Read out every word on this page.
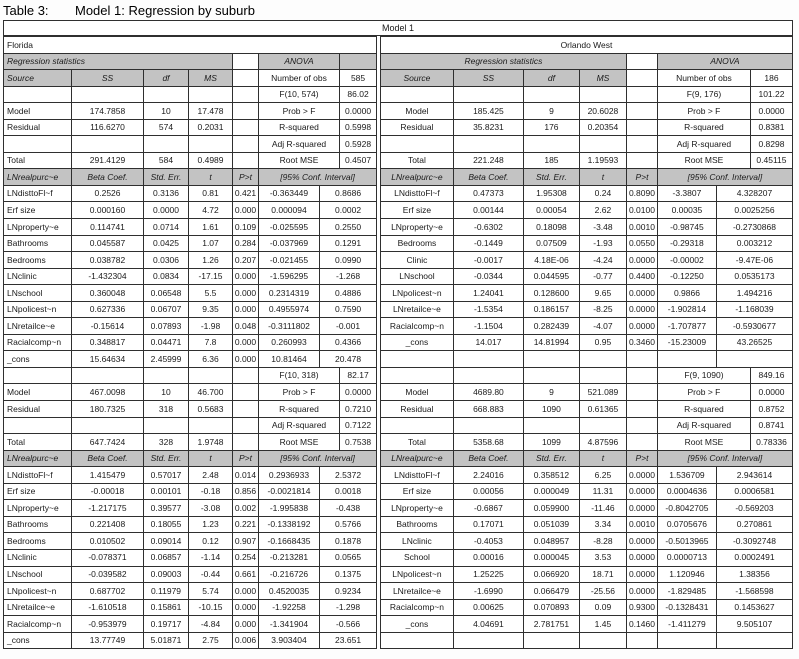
Table 3:	Model 1: Regression by suburb
Model 1
Florida							
Regression statistics					ANOVA		
Source	SS	df	MS		Number of obs		585
					F(10, 574)		86.02
Model	174.7858	10	17.478		Prob > F		0.0000
Residual	116.6270	574	0.2031		R-squared		0.5998
					Adj R-squared		0.5928
Total	291.4129	584	0.4989		Root MSE		0.4507
LNrealpurc~e	Beta Coef.	Std. Err.	t	P>t	[95% Conf. Interval]		
LNdisttoFl~f	0.2526	0.3136	0.81	0.421	-0.363449	0.8686	
Erf size	0.000160	0.0000	4.72	0.000	0.000094	0.0002	
LNproperty~e	0.114741	0.0714	1.61	0.109	-0.025595	0.2550	
Bathrooms	0.045587	0.0425	1.07	0.284	-0.037969	0.1291	
Bedrooms	0.038782	0.0306	1.26	0.207	-0.021455	0.0990	
LNclinic	-1.432304	0.0834	-17.15	0.000	-1.596295	-1.268	
LNschool	0.360048	0.06548	5.5	0.000	0.2314319	0.4886	
LNpolicest~n	0.627336	0.06707	9.35	0.000	0.4955974	0.7590	
LNretailce~e	-0.15614	0.07893	-1.98	0.048	-0.3111802	-0.001	
Racialcomp~n	0.348817	0.04471	7.8	0.000	0.260993	0.4366	
_cons	15.64634	2.45999	6.36	0.000	10.81464	20.478	
					F(10, 318)		82.17
Model	467.0098	10	46.700		Prob > F		0.0000
Residual	180.7325	318	0.5683		R-squared		0.7210
					Adj R-squared		0.7122
Total	647.7424	328	1.9748		Root MSE		0.7538
LNrealpurc~e	Beta Coef.	Std. Err.	t	P>t	[95% Conf. Interval]		
LNdisttoFl~f	1.415479	0.57017	2.48	0.014	0.2936933	2.5372	
Erf size	-0.00018	0.00101	-0.18	0.856	-0.0021814	0.0018	
LNproperty~e	-1.217175	0.39577	-3.08	0.002	-1.995838	-0.438	
Bathrooms	0.221408	0.18055	1.23	0.221	-0.1338192	0.5766	
Bedrooms	0.010502	0.09014	0.12	0.907	-0.1668435	0.1878	
LNclinic	-0.078371	0.06857	-1.14	0.254	-0.213281	0.0565	
LNschool	-0.039582	0.09003	-0.44	0.661	-0.216726	0.1375	
LNpolicest~n	0.687702	0.11979	5.74	0.000	0.4520035	0.9234	
LNretailce~e	-1.610518	0.15861	-10.15	0.000	-1.92258	-1.298	
Racialcomp~n	-0.953979	0.19717	-4.84	0.000	-1.341904	-0.566	
_cons	13.77749	5.01871	2.75	0.006	3.903404	23.651	
Orlando West							
Regression statistics					ANOVA		
Source	SS	df	MS		Number of obs		186
					F(9, 176)		101.22
Model	185.425	9	20.6028		Prob > F		0.0000
Residual	35.8231	176	0.20354		R-squared		0.8381
					Adj R-squared		0.8298
Total	221.248	185	1.19593		Root MSE		0.45115
LNrealpurc~e	Beta Coef.	Std. Err.	t	P>t	[95% Conf. Interval]		
LNdisttoFl~f	0.47373	1.95308	0.24	0.8090	-3.3807	4.328207	
Erf size	0.00144	0.00054	2.62	0.0100	0.00035	0.0025256	
LNproperty~e	-0.6302	0.18098	-3.48	0.0010	-0.98745	-0.2730868	
Bedrooms	-0.1449	0.07509	-1.93	0.0550	-0.29318	0.003212	
Clinic	-0.0017	4.18E-06	-4.24	0.0000	-0.00002	-9.47E-06	
LNschool	-0.0344	0.044595	-0.77	0.4400	-0.12250	0.0535173	
LNpolicest~n	1.24041	0.128600	9.65	0.0000	0.9866	1.494216	
LNretailce~e	-1.5354	0.186157	-8.25	0.0000	-1.902814	-1.168039	
Racialcomp~n	-1.1504	0.282439	-4.07	0.0000	-1.707877	-0.5930677	
_cons	14.017	14.81994	0.95	0.3460	-15.23009	43.26525	

					F(9, 1090)		849.16
Model	4689.80	9	521.089		Prob > F		0.0000
Residual	668.883	1090	0.61365		R-squared		0.8752
					Adj R-squared		0.8741
Total	5358.68	1099	4.87596		Root MSE		0.78336
LNrealpurc~e	Beta Coef.	Std. Err.	t	P>t	[95% Conf. Interval]		
LNdisttoFl~f	2.24016	0.358512	6.25	0.0000	1.536709	2.943614	
Erf size	0.00056	0.000049	11.31	0.0000	0.0004636	0.0006581	
LNproperty~e	-0.6867	0.059900	-11.46	0.0000	-0.8042705	-0.569203	
Bathrooms	0.17071	0.051039	3.34	0.0010	0.0705676	0.270861	
LNclinic	-0.4053	0.048957	-8.28	0.0000	-0.5013965	-0.3092748	
School	0.00016	0.000045	3.53	0.0000	0.0000713	0.0002491	
LNpolicest~n	1.25225	0.066920	18.71	0.0000	1.120946	1.38356	
LNretailce~e	-1.6990	0.066479	-25.56	0.0000	-1.829485	-1.568598	
Racialcomp~n	0.00625	0.070893	0.09	0.9300	-0.1328431	0.1453627	
_cons	4.04691	2.781751	1.45	0.1460	-1.411279	9.505107	
